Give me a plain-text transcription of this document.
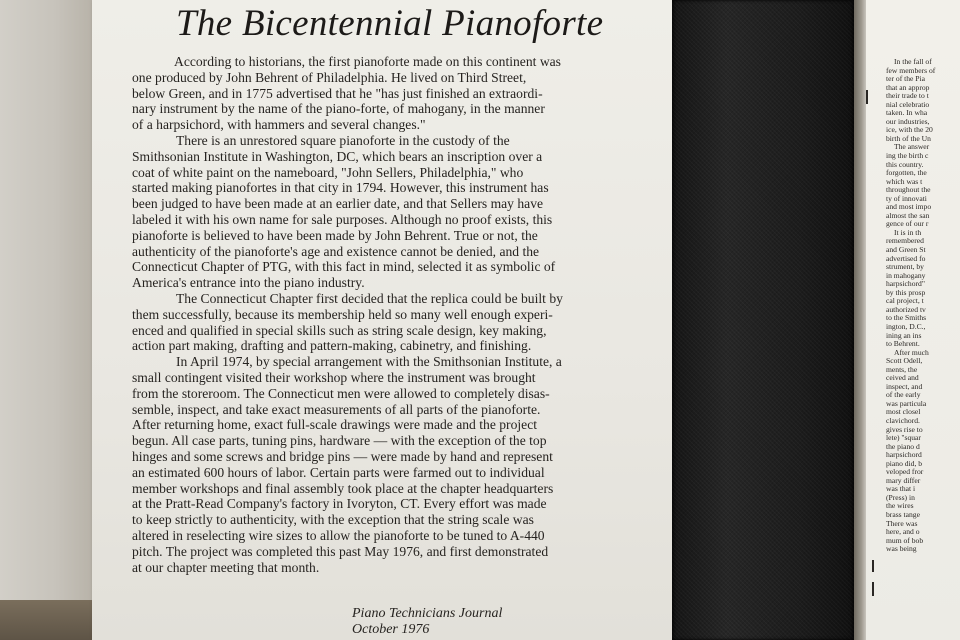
The Bicentennial Pianoforte
According to historians, the first pianoforte made on this continent was
one produced by John Behrent of Philadelphia. He lived on Third Street,
below Green, and in 1775 advertised that he "has just finished an extraordi-
nary instrument by the name of the piano-forte, of mahogany, in the manner
of a harpsichord, with hammers and several changes."
There is an unrestored square pianoforte in the custody of the
Smithsonian Institute in Washington, DC, which bears an inscription over a
coat of white paint on the nameboard, "John Sellers, Philadelphia," who
started making pianofortes in that city in 1794. However, this instrument has
been judged to have been made at an earlier date, and that Sellers may have
labeled it with his own name for sale purposes. Although no proof exists, this
pianoforte is believed to have been made by John Behrent. True or not, the
authenticity of the pianoforte's age and existence cannot be denied, and the
Connecticut Chapter of PTG, with this fact in mind, selected it as symbolic of
America's entrance into the piano industry.
The Connecticut Chapter first decided that the replica could be built by
them successfully, because its membership held so many well enough experi-
enced and qualified in special skills such as string scale design, key making,
action part making, drafting and pattern-making, cabinetry, and finishing.
In April 1974, by special arrangement with the Smithsonian Institute, a
small contingent visited their workshop where the instrument was brought
from the storeroom. The Connecticut men were allowed to completely disas-
semble, inspect, and take exact measurements of all parts of the pianoforte.
After returning home, exact full-scale drawings were made and the project
begun. All case parts, tuning pins, hardware — with the exception of the top
hinges and some screws and bridge pins — were made by hand and represent
an estimated 600 hours of labor. Certain parts were farmed out to individual
member workshops and final assembly took place at the chapter headquarters
at the Pratt-Read Company's factory in Ivoryton, CT. Every effort was made
to keep strictly to authenticity, with the exception that the string scale was
altered in reselecting wire sizes to allow the pianoforte to be tuned to A-440
pitch. The project was completed this past May 1976, and first demonstrated
at our chapter meeting that month.
Piano Technicians Journal
October 1976
In the fall of
few members of
ter of the Pia
that an approp
their trade to t
nial celebratio
taken. In wha
our industries,
ice, with the 20
birth of the Un
The answer
ing the birth c
this country.
forgotten, the
which was t
throughout the
ty of innovati
and most impo
almost the san
gence of our r
It is in th
remembered
and Green St
advertised fo
strument, by
in mahogany
harpsichord"
by this prosp
cal project, t
authorized tv
to the Smiths
ington, D.C.,
ining an ins
to Behrent.
After much
Scott Odell,
ments, the
ceived and
inspect, and
of the early
was particula
most closel
clavichord.
gives rise to
lete) "squar
the piano d
harpsichord
piano did, b
veloped fror
mary differ
was that i
(Press) in
the wires
brass tange
There was
here, and o
mum of bob
was being
